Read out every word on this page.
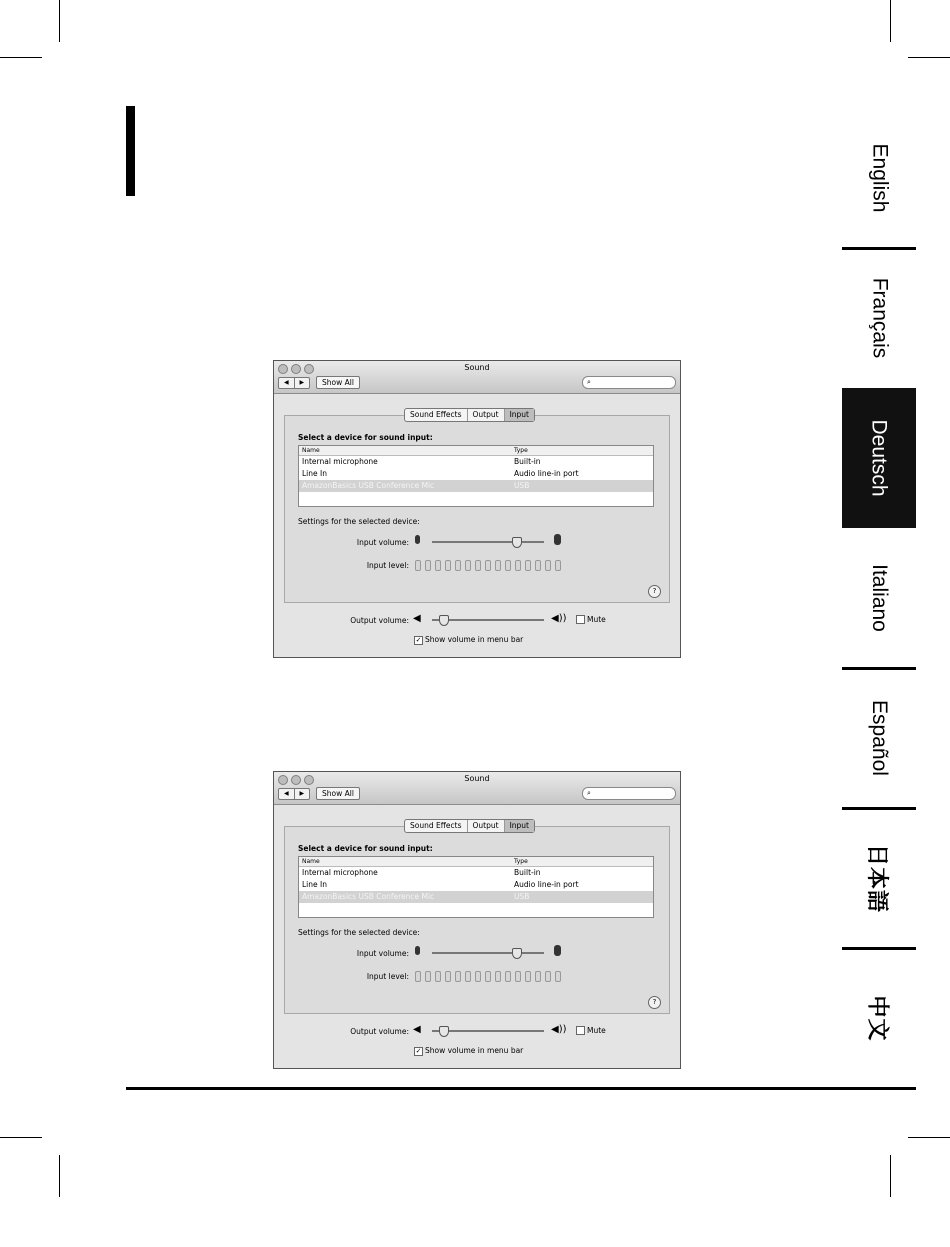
English
Français
Deutsch
Italiano
Español
日本語
中文
Sound
◀	▶	Show All	⌕
Sound Effects	Output	Input
Select a device for sound input:
Name	Type
Internal microphone	Built-in
Line In	Audio line-in port
AmazonBasics USB Conference Mic	USB
Settings for the selected device:
Input volume:
Input level:
?
Output volume: ◀	◀))	Mute
✓ Show volume in menu bar
Sound
◀	▶	Show All	⌕
Sound Effects	Output	Input
Select a device for sound input:
Name	Type
Internal microphone	Built-in
Line In	Audio line-in port
AmazonBasics USB Conference Mic	USB
Settings for the selected device:
Input volume:
Input level:
?
Output volume: ◀	◀))	Mute
✓ Show volume in menu bar
